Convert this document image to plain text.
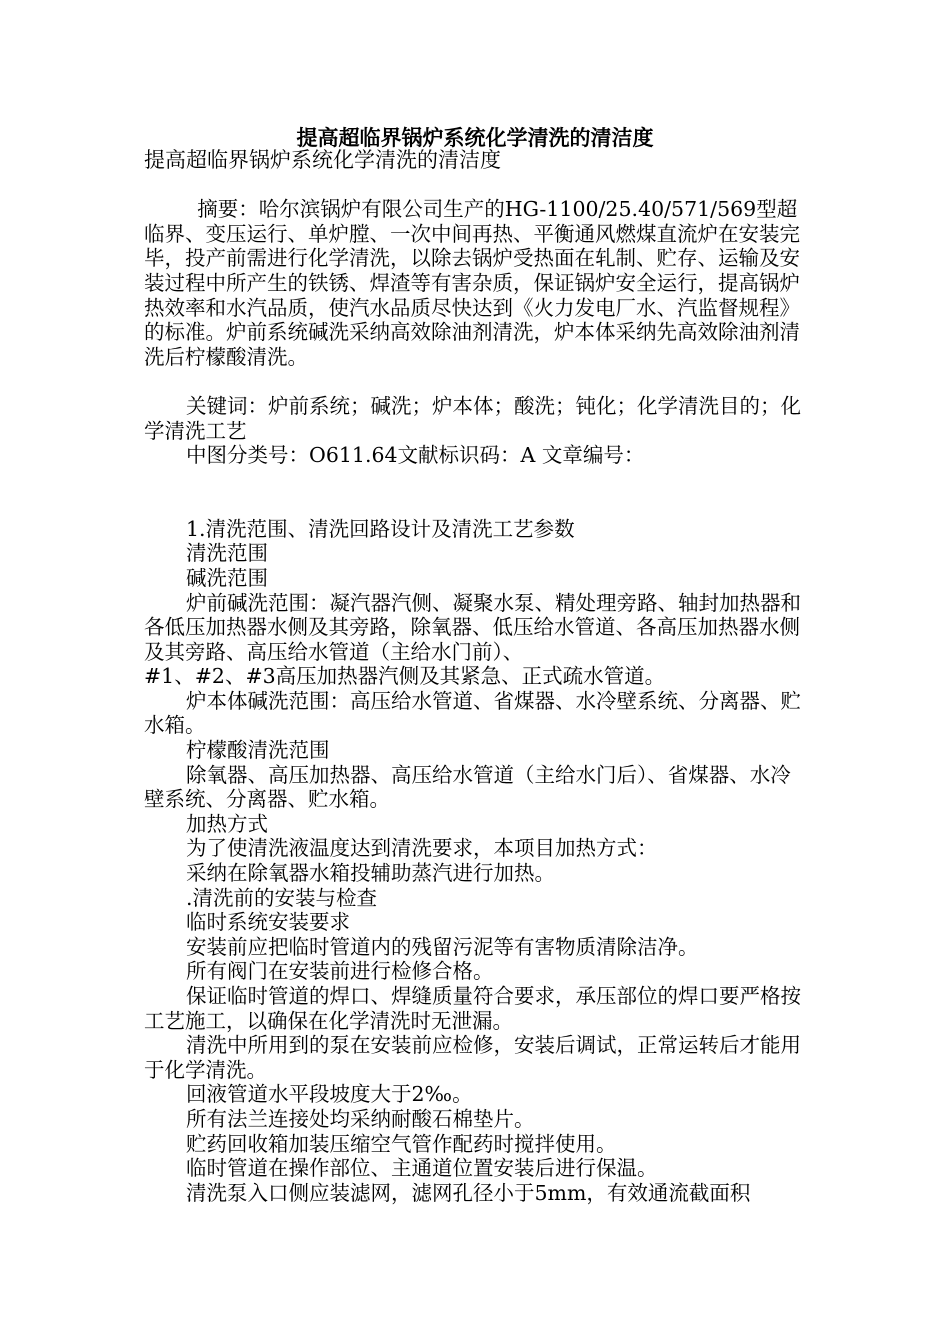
提高超临界锅炉系统化学清洗的清洁度

提高超临界锅炉系统化学清洗的清洁度

摘要：哈尔滨锅炉有限公司生产的HG-1100/25.40/571/569型超临界、变压运行、单炉膛、一次中间再热、平衡通风燃煤直流炉在安装完毕，投产前需进行化学清洗，以除去锅炉受热面在轧制、贮存、运输及安装过程中所产生的铁锈、焊渣等有害杂质，保证锅炉安全运行，提高锅炉热效率和水汽品质，使汽水品质尽快达到《火力发电厂水、汽监督规程》的标准。炉前系统碱洗采纳高效除油剂清洗，炉本体采纳先高效除油剂清洗后柠檬酸清洗。

关键词：炉前系统；碱洗；炉本体；酸洗；钝化；化学清洗目的；化学清洗工艺

中图分类号：O611.64文献标识码：A 文章编号：

1.清洗范围、清洗回路设计及清洗工艺参数

清洗范围

碱洗范围

炉前碱洗范围：凝汽器汽侧、凝聚水泵、精处理旁路、轴封加热器和各低压加热器水侧及其旁路，除氧器、低压给水管道、各高压加热器水侧及其旁路、高压给水管道（主给水门前）、

#1、#2、#3高压加热器汽侧及其紧急、正式疏水管道。

炉本体碱洗范围：高压给水管道、省煤器、水冷壁系统、分离器、贮水箱。

柠檬酸清洗范围

除氧器、高压加热器、高压给水管道（主给水门后）、省煤器、水冷壁系统、分离器、贮水箱。

加热方式

为了使清洗液温度达到清洗要求，本项目加热方式：

采纳在除氧器水箱投辅助蒸汽进行加热。

.清洗前的安装与检查

临时系统安装要求

安装前应把临时管道内的残留污泥等有害物质清除洁净。

所有阀门在安装前进行检修合格。

保证临时管道的焊口、焊缝质量符合要求，承压部位的焊口要严格按工艺施工，以确保在化学清洗时无泄漏。

清洗中所用到的泵在安装前应检修，安装后调试，正常运转后才能用于化学清洗。

回液管道水平段坡度大于2‰。

所有法兰连接处均采纳耐酸石棉垫片。

贮药回收箱加装压缩空气管作配药时搅拌使用。

临时管道在操作部位、主通道位置安装后进行保温。

清洗泵入口侧应装滤网，滤网孔径小于5mm，有效通流截面积
